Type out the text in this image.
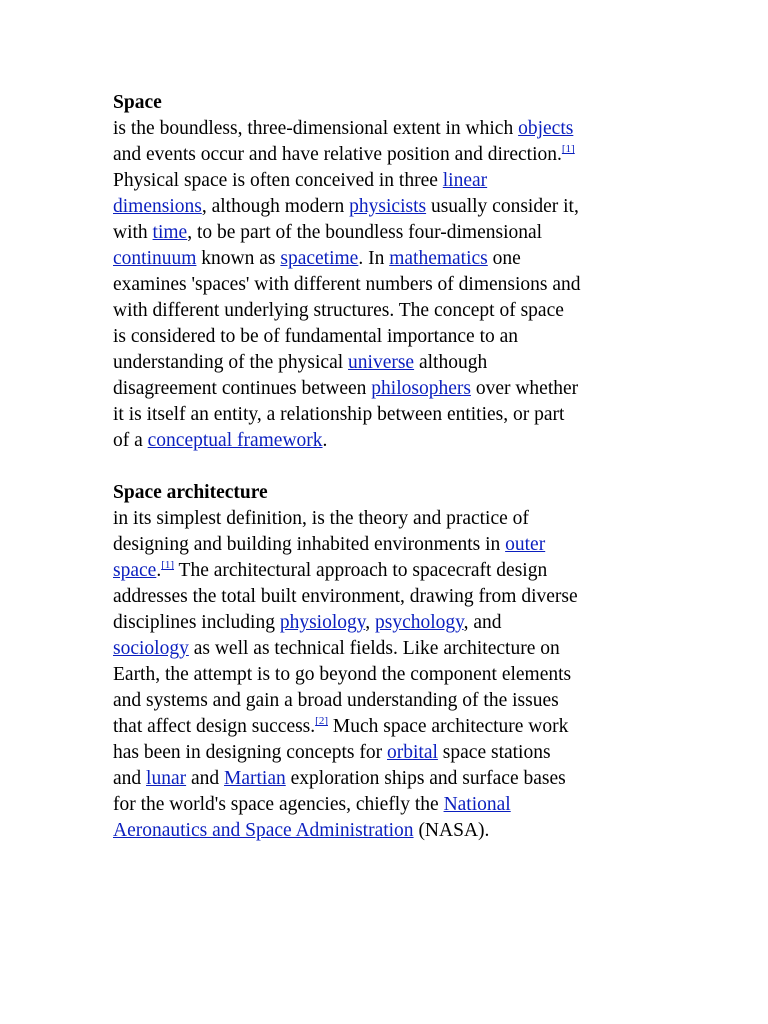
Space

is the boundless, three-dimensional extent in which objects
and events occur and have relative position and direction.[1]
Physical space is often conceived in three linear
dimensions, although modern physicists usually consider it,
with time, to be part of the boundless four-dimensional
continuum known as spacetime. In mathematics one
examines 'spaces' with different numbers of dimensions and
with different underlying structures. The concept of space
is considered to be of fundamental importance to an
understanding of the physical universe although
disagreement continues between philosophers over whether
it is itself an entity, a relationship between entities, or part
of a conceptual framework.

Space architecture

in its simplest definition, is the theory and practice of
designing and building inhabited environments in outer
space.[1] The architectural approach to spacecraft design
addresses the total built environment, drawing from diverse
disciplines including physiology, psychology, and
sociology as well as technical fields. Like architecture on
Earth, the attempt is to go beyond the component elements
and systems and gain a broad understanding of the issues
that affect design success.[2] Much space architecture work
has been in designing concepts for orbital space stations
and lunar and Martian exploration ships and surface bases
for the world's space agencies, chiefly the National
Aeronautics and Space Administration (NASA).
